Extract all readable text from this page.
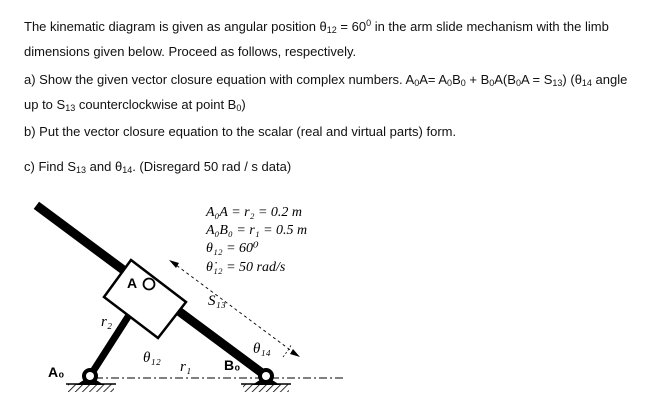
The kinematic diagram is given as angular position $\theta_{12} = 60^0$ in the arm slide mechanism with the limb
dimensions given below. Proceed as follows, respectively.
a) Show the given vector closure equation with complex numbers. $A_0A= A_0B_0 + B_0A(B_0A = S_{13})$ ($\theta_{14}$ angle
up to $S_{13}$ counterclockwise at point $B_0$)
b) Put the vector closure equation to the scalar (real and virtual parts) form.
c) Find $S_{13}$ and $\theta_{14}$. (Disregard 50 rad / s data)
A₀A = r₂ = 0.2 m
A₀B₀ = r₁ = 0.5 m
θ₁₂ = 60⁰
θ̇₁₂ = 50 rad/s
A
A₀	B₀
r₂
r₁
θ₁₂
θ₁₄
S₁₃
